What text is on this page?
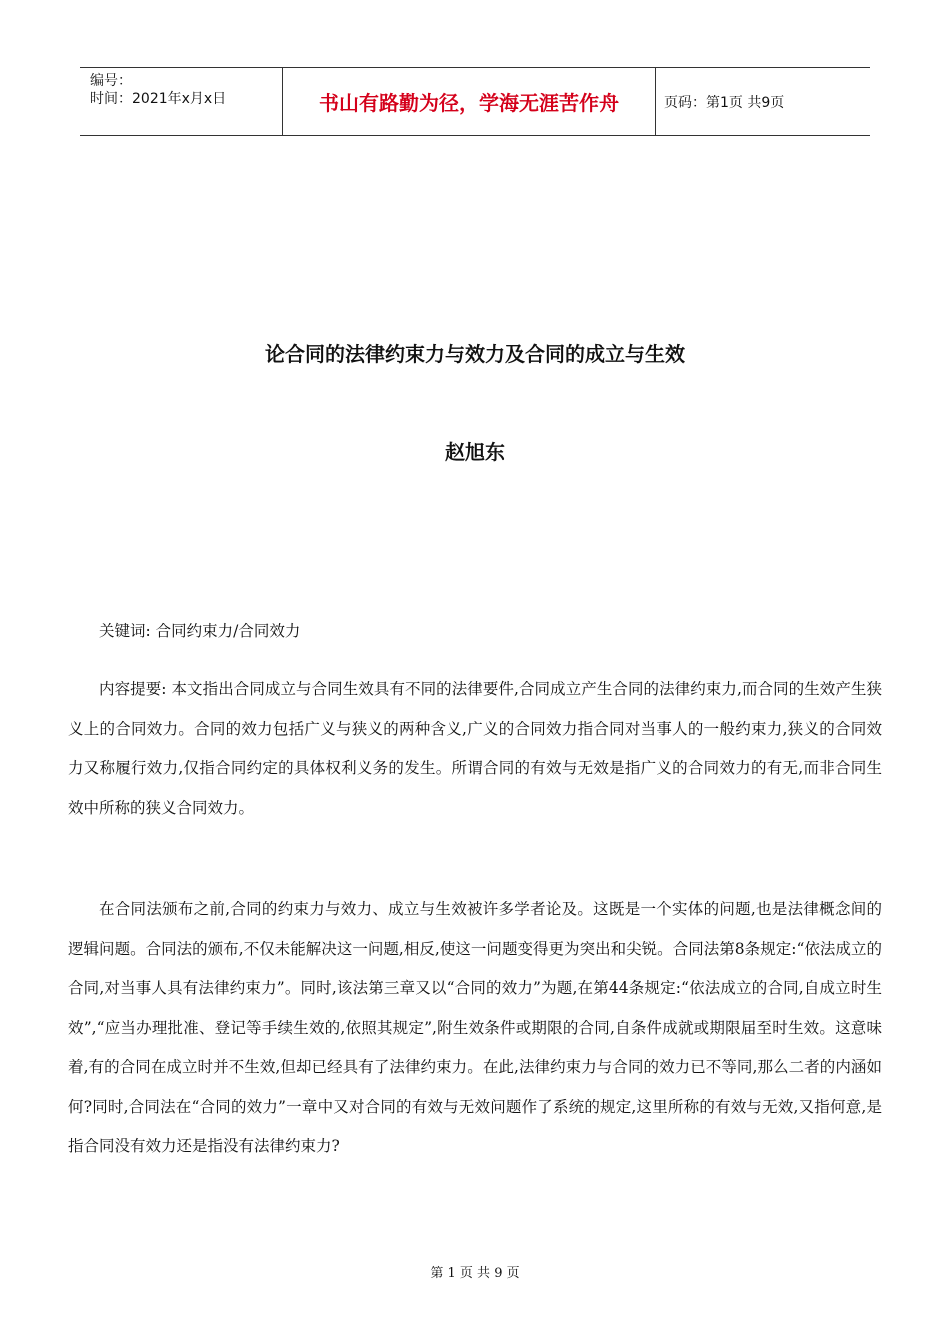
编号：
时间：2021年x月x日	书山有路勤为径，学海无涯苦作舟	页码：第1页 共9页
论合同的法律约束力与效力及合同的成立与生效
赵旭东

关键词: 合同约束力/合同效力

内容提要: 本文指出合同成立与合同生效具有不同的法律要件,合同成立产生合同的法律约束力,而合同的生效产生狭义上的合同效力。合同的效力包括广义与狭义的两种含义,广义的合同效力指合同对当事人的一般约束力,狭义的合同效力又称履行效力,仅指合同约定的具体权利义务的发生。所谓合同的有效与无效是指广义的合同效力的有无,而非合同生效中所称的狭义合同效力。

在合同法颁布之前,合同的约束力与效力、成立与生效被许多学者论及。这既是一个实体的问题,也是法律概念间的逻辑问题。合同法的颁布,不仅未能解决这一问题,相反,使这一问题变得更为突出和尖锐。合同法第8条规定:“依法成立的合同,对当事人具有法律约束力”。同时,该法第三章又以“合同的效力”为题,在第44条规定:“依法成立的合同,自成立时生效”,“应当办理批准、登记等手续生效的,依照其规定”,附生效条件或期限的合同,自条件成就或期限届至时生效。这意味着,有的合同在成立时并不生效,但却已经具有了法律约束力。在此,法律约束力与合同的效力已不等同,那么二者的内涵如何?同时,合同法在“合同的效力”一章中又对合同的有效与无效问题作了系统的规定,这里所称的有效与无效,又指何意,是指合同没有效力还是指没有法律约束力?

第 1 页 共 9 页
